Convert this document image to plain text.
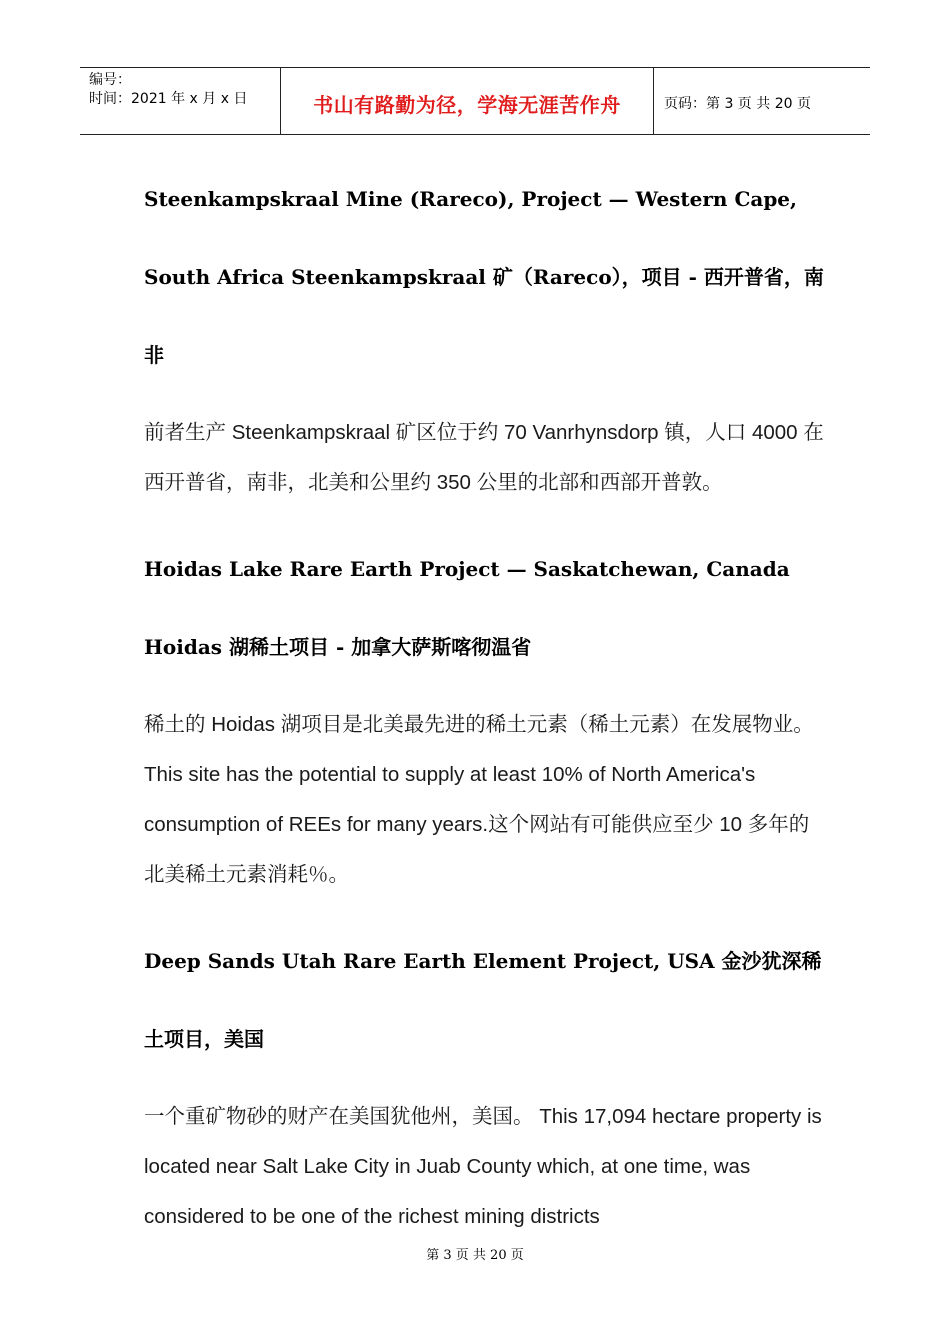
编号：
时间：2021 年 x 月 x 日	书山有路勤为径，学海无涯苦作舟	页码：第 3 页 共 20 页

Steenkampskraal Mine (Rareco), Project — Western Cape, South Africa Steenkampskraal 矿（Rareco），项目 - 西开普省，南非

前者生产 Steenkampskraal 矿区位于约 70 Vanrhynsdorp 镇，人口 4000 在西开普省，南非，北美和公里约 350 公里的北部和西部开普敦。

Hoidas Lake Rare Earth Project — Saskatchewan, Canada Hoidas 湖稀土项目 - 加拿大萨斯喀彻温省

稀土的 Hoidas 湖项目是北美最先进的稀土元素（稀土元素）在发展物业。 This site has the potential to supply at least 10% of North America's consumption of REEs for many years.这个网站有可能供应至少 10 多年的北美稀土元素消耗％。

Deep Sands Utah Rare Earth Element Project, USA 金沙犹深稀土项目，美国

一个重矿物砂的财产在美国犹他州，美国。 This 17,094 hectare property is located near Salt Lake City in Juab County which, at one time, was considered to be one of the richest mining districts

第 3 页 共 20 页
